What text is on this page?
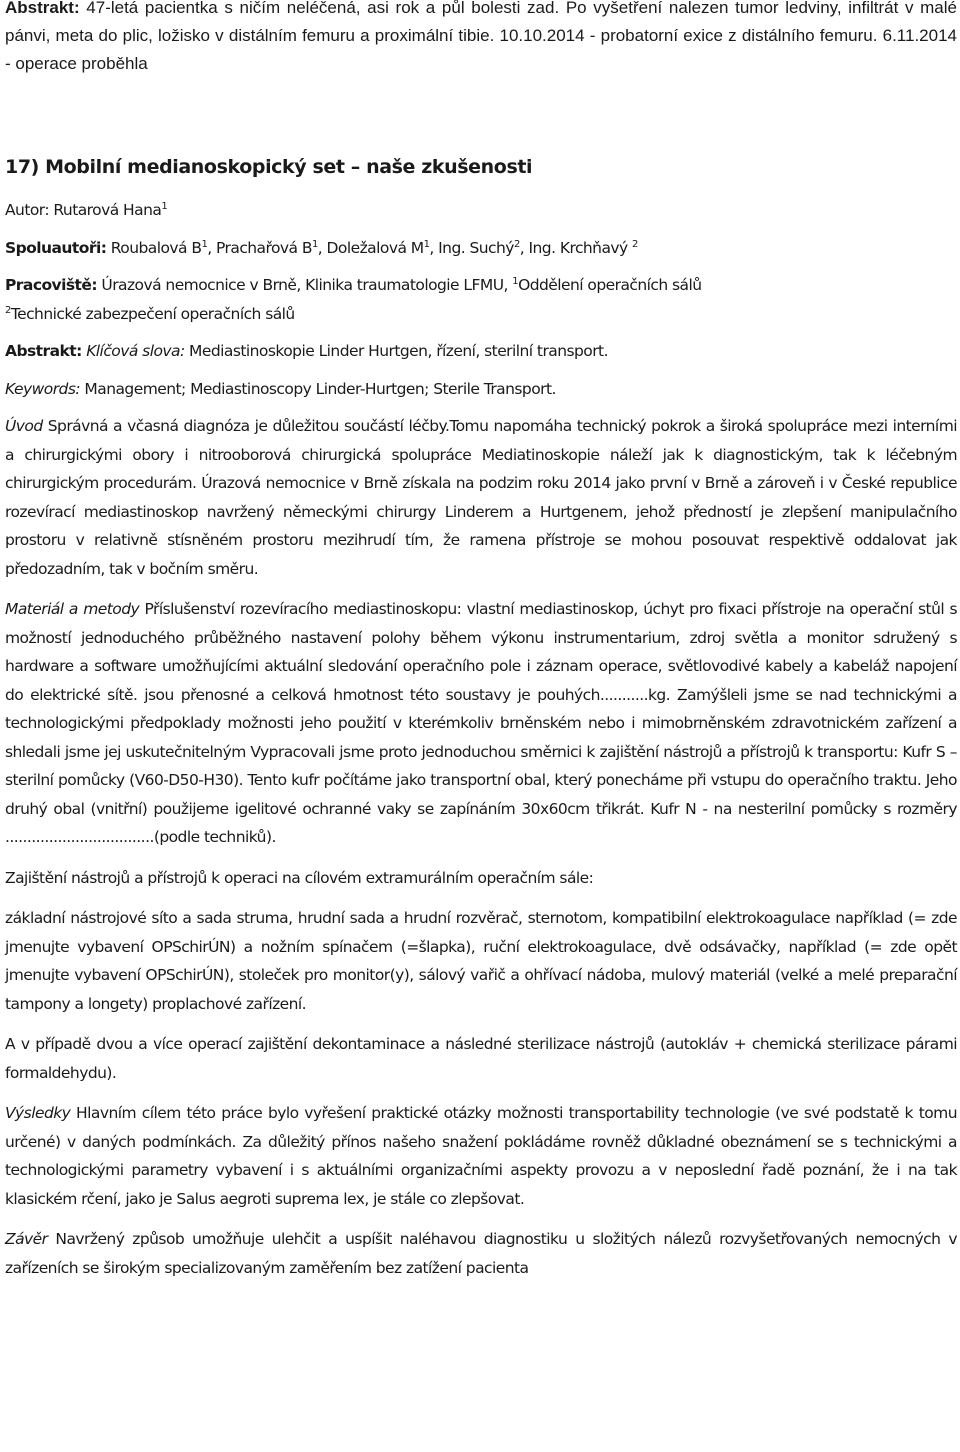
Abstrakt: 47-letá pacientka s ničím neléčená, asi rok a půl bolesti zad. Po vyšetření nalezen tumor ledviny, infiltrát v malé pánvi, meta do plic, ložisko v distálním femuru a proximální tibie. 10.10.2014 - probatorní exice z distálního femuru. 6.11.2014 - operace proběhla

17) Mobilní medianoskopický set – naše zkušenosti

Autor: Rutarová Hana$^1$

Spoluautoři: Roubalová $B^1$, Prachařová $B^1$, Doležalová $M^1$, Ing. Suchý$^2$, Ing. Krchňavý $^2$

Pracoviště: Úrazová nemocnice v Brně, Klinika traumatologie LFMU, $^1$Oddělení operačních sálů

$^2$Technické zabezpečení operačních sálů

Abstrakt: Klíčová slova: Mediastinoskopie Linder Hurtgen, řízení, sterilní transport.

Keywords: Management; Mediastinoscopy Linder-Hurtgen; Sterile Transport.

Úvod Správná a včasná diagnóza je důležitou součástí léčby.Tomu napomáha technický pokrok a široká spolupráce mezi interními a chirurgickými obory i nitrooborová chirurgická spolupráce Mediatinoskopie náleží jak k diagnostickým, tak k léčebným chirurgickým procedurám. Úrazová nemocnice v Brně získala na podzim roku 2014 jako první v Brně a zároveň i v České republice rozevírací mediastinoskop navržený německými chirurgy Linderem a Hurtgenem, jehož předností je zlepšení manipulačního prostoru v relativně stísněném prostoru mezihrudí tím, že ramena přístroje se mohou posouvat respektivě oddalovat jak předozadním, tak v bočním směru.

Materiál a metody Příslušenství rozevíracího mediastinoskopu: vlastní mediastinoskop, úchyt pro fixaci přístroje na operační stůl s možností jednoduchého průběžného nastavení polohy během výkonu instrumentarium, zdroj světla a monitor sdružený s hardware a software umožňujícími aktuální sledování operačního pole i záznam operace, světlovodivé kabely a kabeláž napojení do elektrické sítě. jsou přenosné a celková hmotnost této soustavy je pouhých...........kg. Zamýšleli jsme se nad technickými a technologickými předpoklady možnosti jeho použití v kterémkoliv brněnském nebo i mimobrněnském zdravotnickém zařízení a shledali jsme jej uskutečnitelným Vypracovali jsme proto jednoduchou směrnici k zajištění nástrojů a přístrojů k transportu: Kufr S – sterilní pomůcky (V60-D50-H30). Tento kufr počítáme jako transportní obal, který ponecháme při vstupu do operačního traktu. Jeho druhý obal (vnitřní) použijeme igelitové ochranné vaky se zapínáním 30x60cm třikrát. Kufr N - na nesterilní pomůcky s rozměry ..................................(podle techniků).

Zajištění nástrojů a přístrojů k operaci na cílovém extramurálním operačním sále:

základní nástrojové síto a sada struma, hrudní sada a hrudní rozvěrač, sternotom, kompatibilní elektrokoagulace například (= zde jmenujte vybavení OPSchirÚN) a nožním spínačem (=šlapka), ruční elektrokoagulace, dvě odsávačky, například (= zde opět jmenujte vybavení OPSchirÚN), stoleček pro monitor(y), sálový vařič a ohřívací nádoba, mulový materiál (velké a melé preparační tampony a longety) proplachové zařízení.

A v případě dvou a více operací zajištění dekontaminace a následné sterilizace nástrojů (autokláv + chemická sterilizace párami formaldehydu).

Výsledky Hlavním cílem této práce bylo vyřešení praktické otázky možnosti transportability technologie (ve své podstatě k tomu určené) v daných podmínkách. Za důležitý přínos našeho snažení pokládáme rovněž důkladné obeznámení se s technickými a technologickými parametry vybavení i s aktuálními organizačními aspekty provozu a v neposlední řadě poznání, že i na tak klasickém rčení, jako je Salus aegroti suprema lex, je stále co zlepšovat.

Závěr Navržený způsob umožňuje ulehčit a uspíšit naléhavou diagnostiku u složitých nálezů rozvyšetřovaných nemocných v zařízeních se širokým specializovaným zaměřením bez zatížení pacienta
